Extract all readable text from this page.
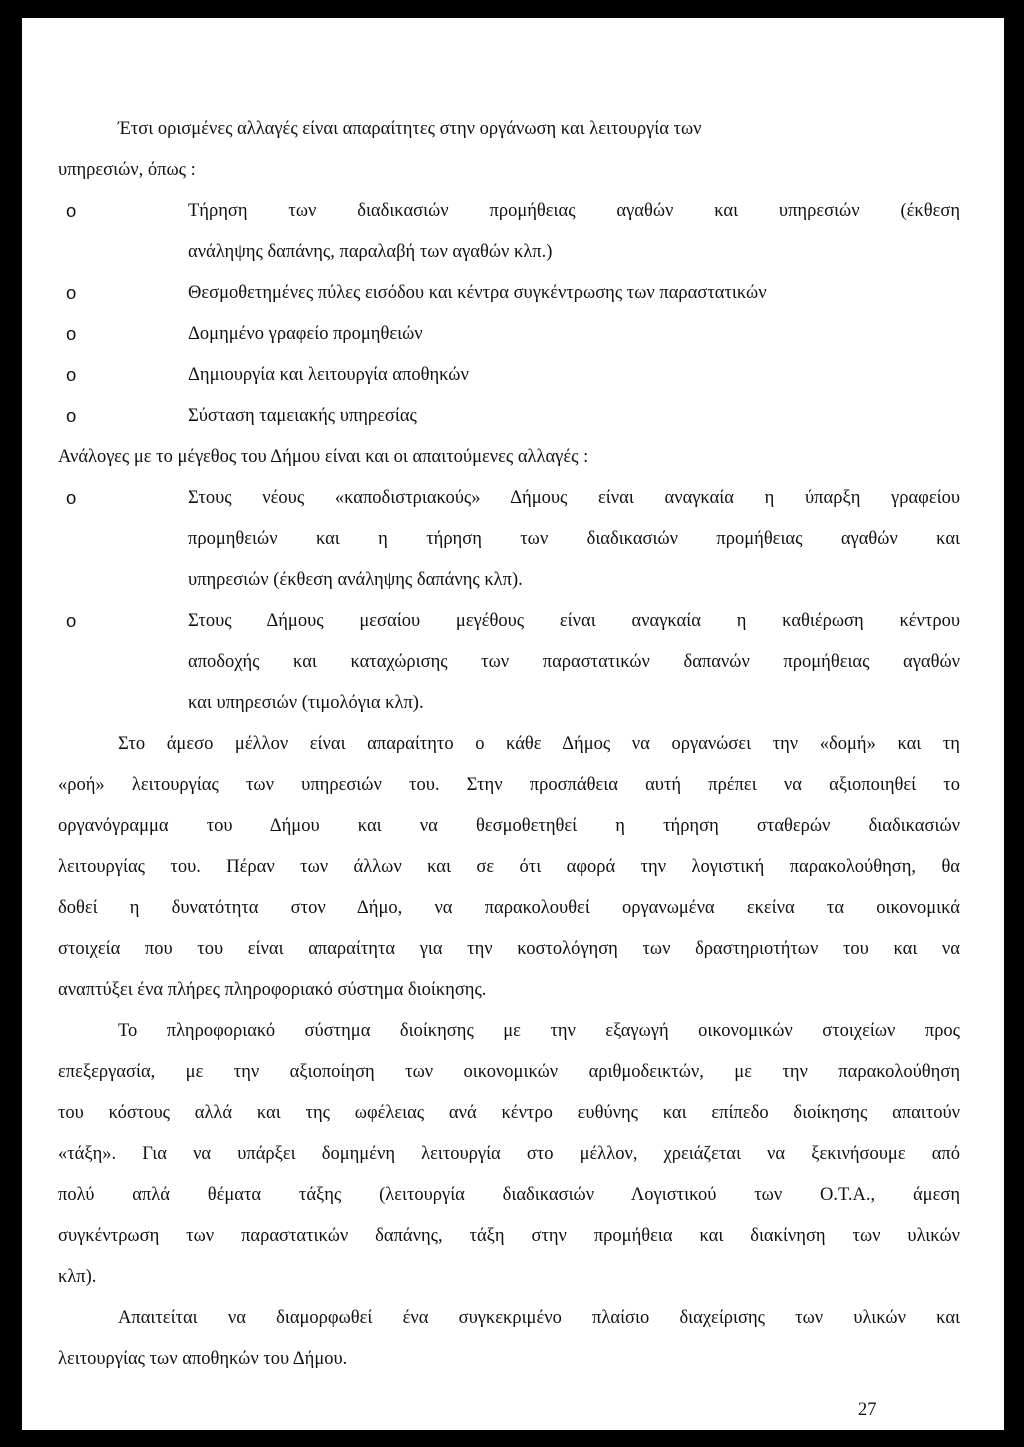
Έτσι ορισμένες αλλαγές είναι απαραίτητες στην οργάνωση και λειτουργία των
υπηρεσιών, όπως :
o	Τήρηση των διαδικασιών προμήθειας αγαθών και υπηρεσιών (έκθεση
ανάληψης δαπάνης, παραλαβή των αγαθών κλπ.)
o	Θεσμοθετημένες πύλες εισόδου και κέντρα συγκέντρωσης των παραστατικών
o	Δομημένο γραφείο προμηθειών
o	Δημιουργία και λειτουργία αποθηκών
o	Σύσταση ταμειακής υπηρεσίας
Ανάλογες με το μέγεθος του Δήμου είναι και οι απαιτούμενες αλλαγές :
o	Στους νέους «καποδιστριακούς» Δήμους είναι αναγκαία η ύπαρξη γραφείου
προμηθειών και η τήρηση των διαδικασιών προμήθειας αγαθών και
υπηρεσιών (έκθεση ανάληψης δαπάνης κλπ).
o	Στους Δήμους μεσαίου μεγέθους είναι αναγκαία η καθιέρωση κέντρου
αποδοχής και καταχώρισης των παραστατικών δαπανών προμήθειας αγαθών
και υπηρεσιών (τιμολόγια κλπ).
Στο άμεσο μέλλον είναι απαραίτητο ο κάθε Δήμος να οργανώσει την «δομή» και τη
«ροή» λειτουργίας των υπηρεσιών του. Στην προσπάθεια αυτή πρέπει να αξιοποιηθεί το
οργανόγραμμα του Δήμου και να θεσμοθετηθεί η τήρηση σταθερών διαδικασιών
λειτουργίας του. Πέραν των άλλων και σε ότι αφορά την λογιστική παρακολούθηση, θα
δοθεί η δυνατότητα στον Δήμο, να παρακολουθεί οργανωμένα εκείνα τα οικονομικά
στοιχεία που του είναι απαραίτητα για την κοστολόγηση των δραστηριοτήτων του και να
αναπτύξει ένα πλήρες πληροφοριακό σύστημα διοίκησης.
Το πληροφοριακό σύστημα διοίκησης με την εξαγωγή οικονομικών στοιχείων προς
επεξεργασία, με την αξιοποίηση των οικονομικών αριθμοδεικτών, με την παρακολούθηση
του κόστους αλλά και της ωφέλειας ανά κέντρο ευθύνης και επίπεδο διοίκησης απαιτούν
«τάξη». Για να υπάρξει δομημένη λειτουργία στο μέλλον, χρειάζεται να ξεκινήσουμε από
πολύ απλά θέματα τάξης (λειτουργία διαδικασιών Λογιστικού των Ο.Τ.Α., άμεση
συγκέντρωση των παραστατικών δαπάνης, τάξη στην προμήθεια και διακίνηση των υλικών
κλπ).
Απαιτείται να διαμορφωθεί ένα συγκεκριμένο πλαίσιο διαχείρισης των υλικών και
λειτουργίας των αποθηκών του Δήμου.
27
